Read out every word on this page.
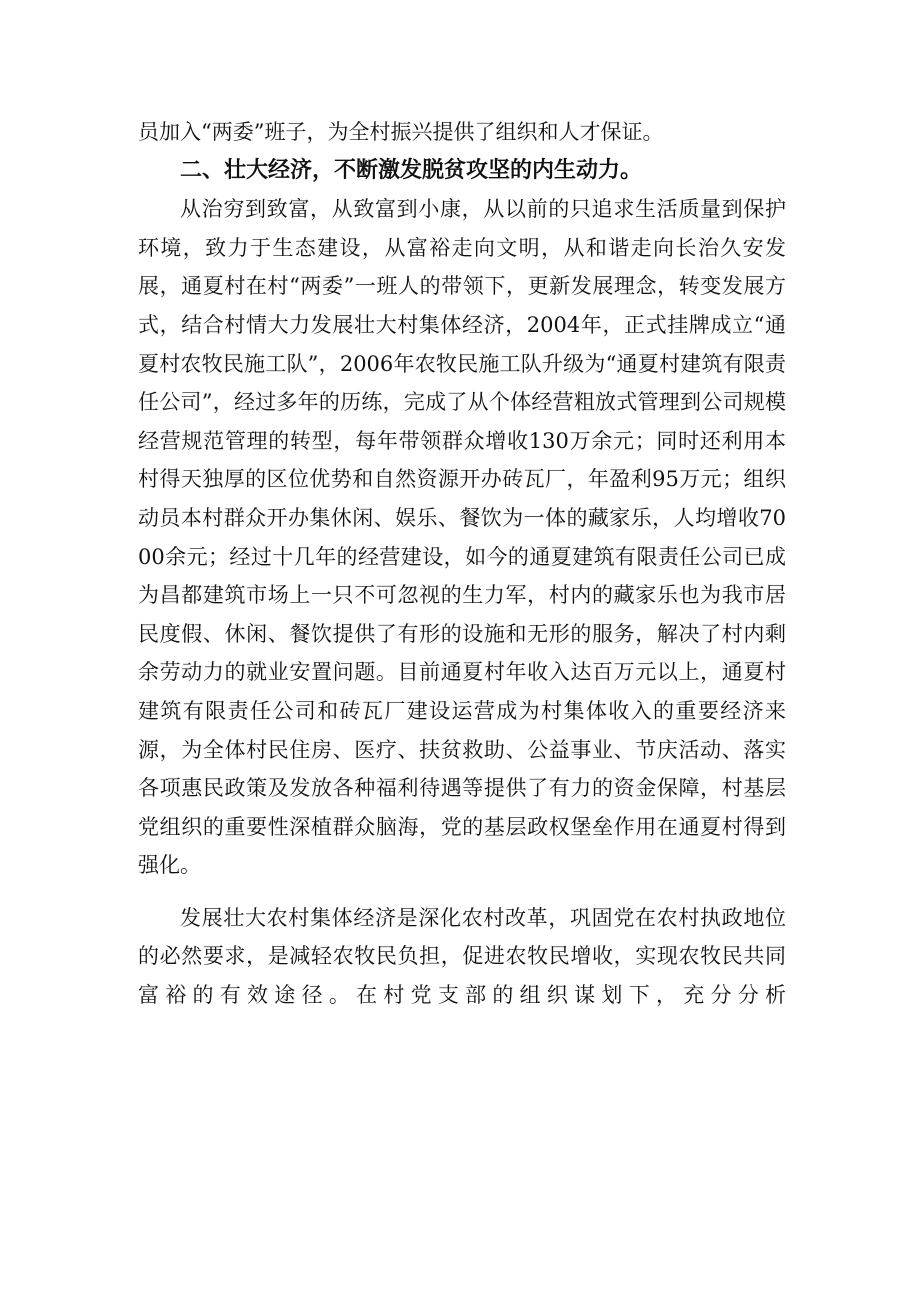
员加入“两委”班子，为全村振兴提供了组织和人才保证。

二、壮大经济，不断激发脱贫攻坚的内生动力。

从治穷到致富，从致富到小康，从以前的只追求生活质量到保护环境，致力于生态建设，从富裕走向文明，从和谐走向长治久安发展，通夏村在村“两委”一班人的带领下，更新发展理念，转变发展方式，结合村情大力发展壮大村集体经济，2004年，正式挂牌成立“通夏村农牧民施工队”，2006年农牧民施工队升级为“通夏村建筑有限责任公司”，经过多年的历练，完成了从个体经营粗放式管理到公司规模经营规范管理的转型，每年带领群众增收130万余元；同时还利用本村得天独厚的区位优势和自然资源开办砖瓦厂，年盈利95万元；组织动员本村群众开办集休闲、娱乐、餐饮为一体的藏家乐，人均增收7000余元；经过十几年的经营建设，如今的通夏建筑有限责任公司已成为昌都建筑市场上一只不可忽视的生力军，村内的藏家乐也为我市居民度假、休闲、餐饮提供了有形的设施和无形的服务，解决了村内剩余劳动力的就业安置问题。目前通夏村年收入达百万元以上，通夏村建筑有限责任公司和砖瓦厂建设运营成为村集体收入的重要经济来源，为全体村民住房、医疗、扶贫救助、公益事业、节庆活动、落实各项惠民政策及发放各种福利待遇等提供了有力的资金保障，村基层党组织的重要性深植群众脑海，党的基层政权堡垒作用在通夏村得到强化。

发展壮大农村集体经济是深化农村改革，巩固党在农村执政地位的必然要求，是减轻农牧民负担，促进农牧民增收，实现农牧民共同富裕的有效途径。在村党支部的组织谋划下，充分分析
